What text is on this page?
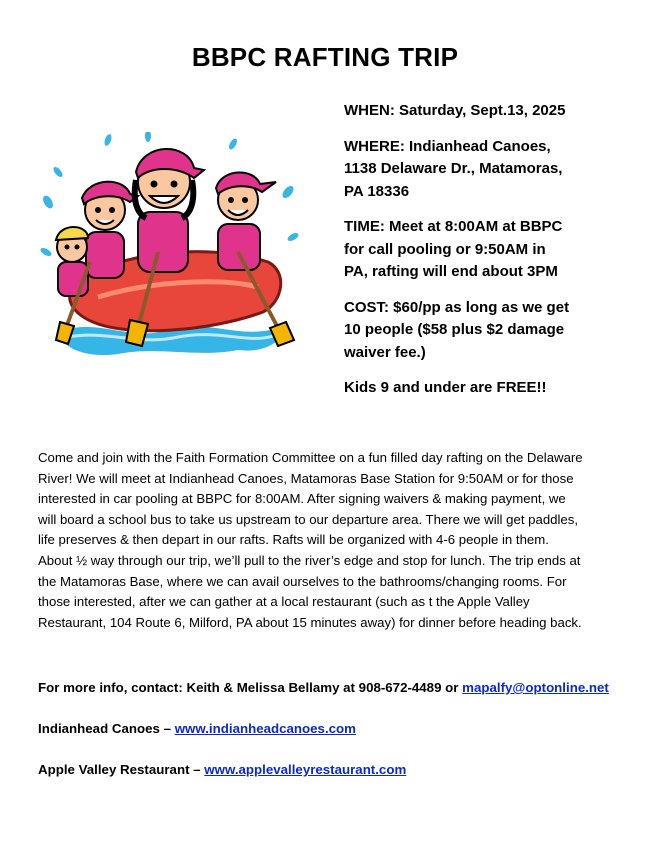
BBPC RAFTING TRIP

WHEN: Saturday, Sept.13, 2025

WHERE: Indianhead Canoes,
1138 Delaware Dr., Matamoras,
PA 18336

TIME: Meet at 8:00AM at BBPC
for call pooling or 9:50AM in
PA, rafting will end about 3PM

COST: $60/pp as long as we get
10 people ($58 plus $2 damage
waiver fee.)

Kids 9 and under are FREE!!

Come and join with the Faith Formation Committee on a fun filled day rafting on the Delaware
River! We will meet at Indianhead Canoes, Matamoras Base Station for 9:50AM or for those
interested in car pooling at BBPC for 8:00AM. After signing waivers & making payment, we
will board a school bus to take us upstream to our departure area. There we will get paddles,
life preserves & then depart in our rafts. Rafts will be organized with 4-6 people in them.
About ½ way through our trip, we’ll pull to the river’s edge and stop for lunch. The trip ends at
the Matamoras Base, where we can avail ourselves to the bathrooms/changing rooms. For
those interested, after we can gather at a local restaurant (such as t the Apple Valley
Restaurant, 104 Route 6, Milford, PA about 15 minutes away) for dinner before heading back.

For more info, contact: Keith & Melissa Bellamy at 908-672-4489 or mapalfy@optonline.net

Indianhead Canoes – www.indianheadcanoes.com

Apple Valley Restaurant – www.applevalleyrestaurant.com
